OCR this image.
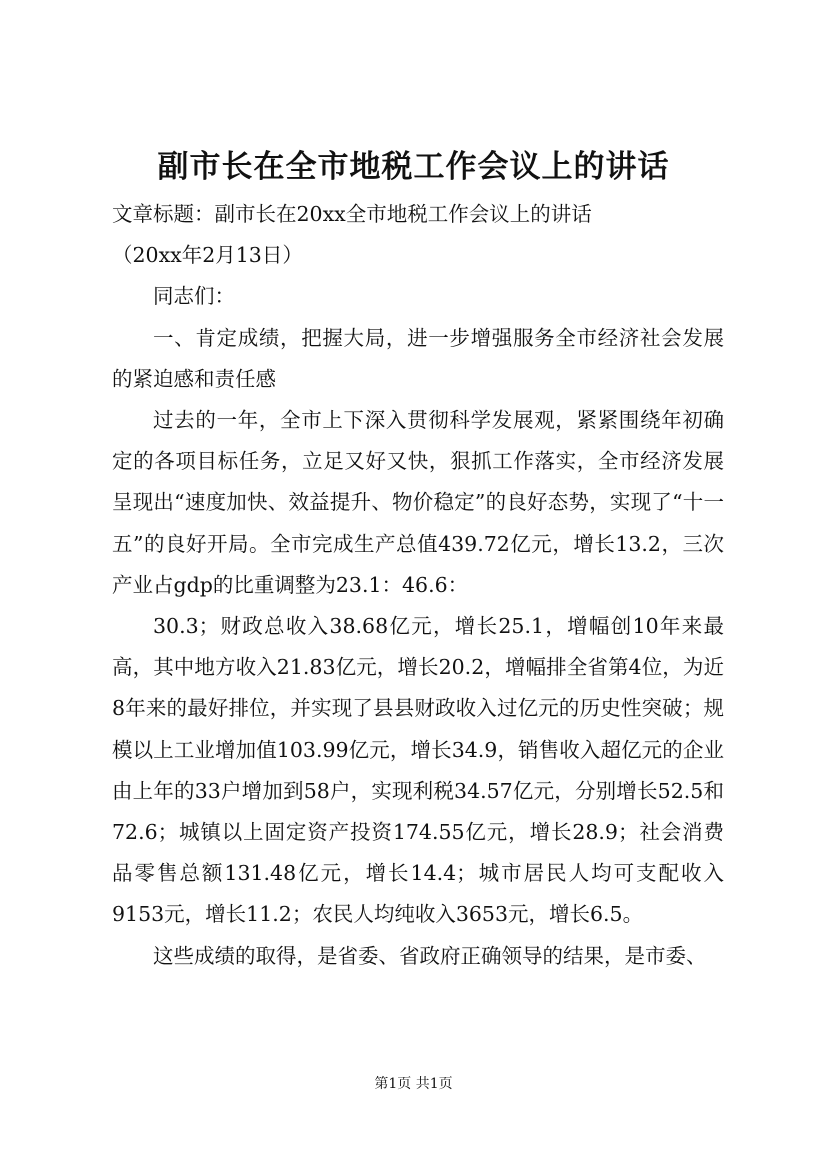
副市长在全市地税工作会议上的讲话

文章标题：副市长在20xx全市地税工作会议上的讲话

（20xx年2月13日）

同志们：

一、肯定成绩，把握大局，进一步增强服务全市经济社会发展的紧迫感和责任感

过去的一年，全市上下深入贯彻科学发展观，紧紧围绕年初确定的各项目标任务，立足又好又快，狠抓工作落实，全市经济发展呈现出“速度加快、效益提升、物价稳定”的良好态势，实现了“十一五”的良好开局。全市完成生产总值439.72亿元，增长13.2，三次产业占gdp的比重调整为23.1：46.6：

30.3；财政总收入38.68亿元，增长25.1，增幅创10年来最高，其中地方收入21.83亿元，增长20.2，增幅排全省第4位，为近8年来的最好排位，并实现了县县财政收入过亿元的历史性突破；规模以上工业增加值103.99亿元，增长34.9，销售收入超亿元的企业由上年的33户增加到58户，实现利税34.57亿元，分别增长52.5和72.6；城镇以上固定资产投资174.55亿元，增长28.9；社会消费品零售总额131.48亿元，增长14.4；城市居民人均可支配收入9153元，增长11.2；农民人均纯收入3653元，增长6.5。

这些成绩的取得，是省委、省政府正确领导的结果，是市委、

第1页 共1页
